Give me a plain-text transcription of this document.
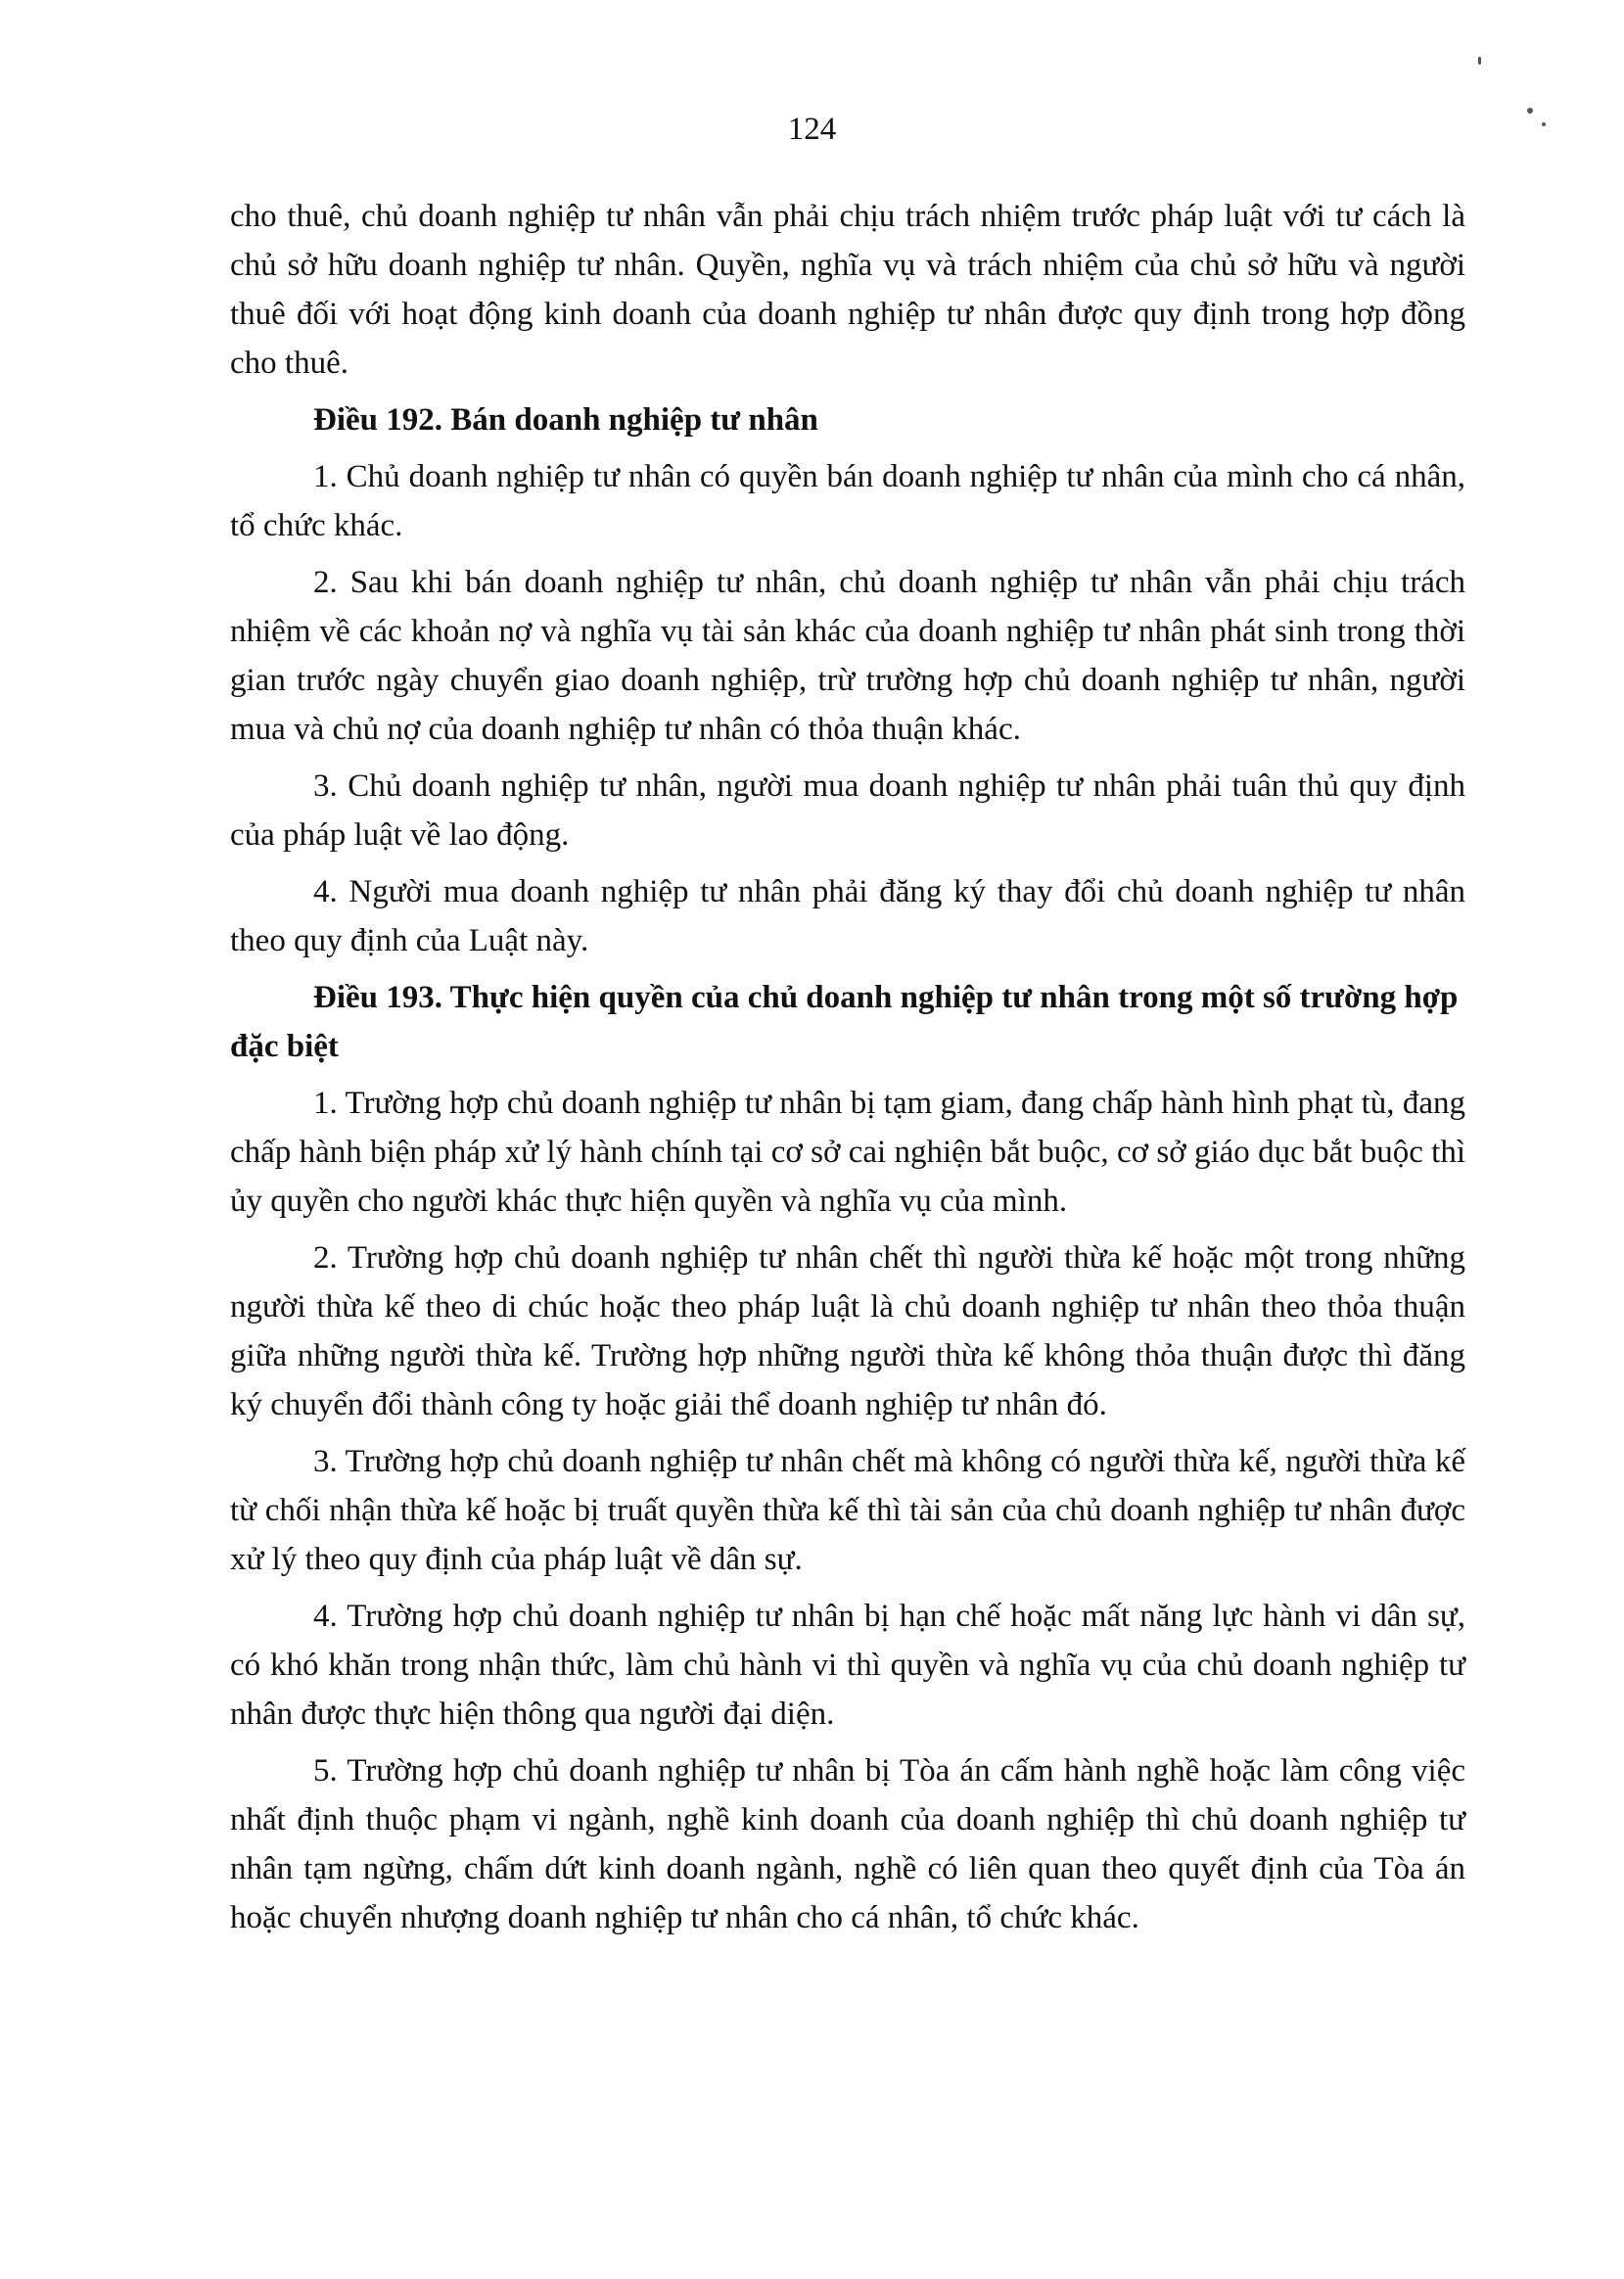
124

cho thuê, chủ doanh nghiệp tư nhân vẫn phải chịu trách nhiệm trước pháp luật với tư cách là chủ sở hữu doanh nghiệp tư nhân. Quyền, nghĩa vụ và trách nhiệm của chủ sở hữu và người thuê đối với hoạt động kinh doanh của doanh nghiệp tư nhân được quy định trong hợp đồng cho thuê.

Điều 192. Bán doanh nghiệp tư nhân

1. Chủ doanh nghiệp tư nhân có quyền bán doanh nghiệp tư nhân của mình cho cá nhân, tổ chức khác.

2. Sau khi bán doanh nghiệp tư nhân, chủ doanh nghiệp tư nhân vẫn phải chịu trách nhiệm về các khoản nợ và nghĩa vụ tài sản khác của doanh nghiệp tư nhân phát sinh trong thời gian trước ngày chuyển giao doanh nghiệp, trừ trường hợp chủ doanh nghiệp tư nhân, người mua và chủ nợ của doanh nghiệp tư nhân có thỏa thuận khác.

3. Chủ doanh nghiệp tư nhân, người mua doanh nghiệp tư nhân phải tuân thủ quy định của pháp luật về lao động.

4. Người mua doanh nghiệp tư nhân phải đăng ký thay đổi chủ doanh nghiệp tư nhân theo quy định của Luật này.

Điều 193. Thực hiện quyền của chủ doanh nghiệp tư nhân trong một số trường hợp đặc biệt

1. Trường hợp chủ doanh nghiệp tư nhân bị tạm giam, đang chấp hành hình phạt tù, đang chấp hành biện pháp xử lý hành chính tại cơ sở cai nghiện bắt buộc, cơ sở giáo dục bắt buộc thì ủy quyền cho người khác thực hiện quyền và nghĩa vụ của mình.

2. Trường hợp chủ doanh nghiệp tư nhân chết thì người thừa kế hoặc một trong những người thừa kế theo di chúc hoặc theo pháp luật là chủ doanh nghiệp tư nhân theo thỏa thuận giữa những người thừa kế. Trường hợp những người thừa kế không thỏa thuận được thì đăng ký chuyển đổi thành công ty hoặc giải thể doanh nghiệp tư nhân đó.

3. Trường hợp chủ doanh nghiệp tư nhân chết mà không có người thừa kế, người thừa kế từ chối nhận thừa kế hoặc bị truất quyền thừa kế thì tài sản của chủ doanh nghiệp tư nhân được xử lý theo quy định của pháp luật về dân sự.

4. Trường hợp chủ doanh nghiệp tư nhân bị hạn chế hoặc mất năng lực hành vi dân sự, có khó khăn trong nhận thức, làm chủ hành vi thì quyền và nghĩa vụ của chủ doanh nghiệp tư nhân được thực hiện thông qua người đại diện.

5. Trường hợp chủ doanh nghiệp tư nhân bị Tòa án cấm hành nghề hoặc làm công việc nhất định thuộc phạm vi ngành, nghề kinh doanh của doanh nghiệp thì chủ doanh nghiệp tư nhân tạm ngừng, chấm dứt kinh doanh ngành, nghề có liên quan theo quyết định của Tòa án hoặc chuyển nhượng doanh nghiệp tư nhân cho cá nhân, tổ chức khác.
